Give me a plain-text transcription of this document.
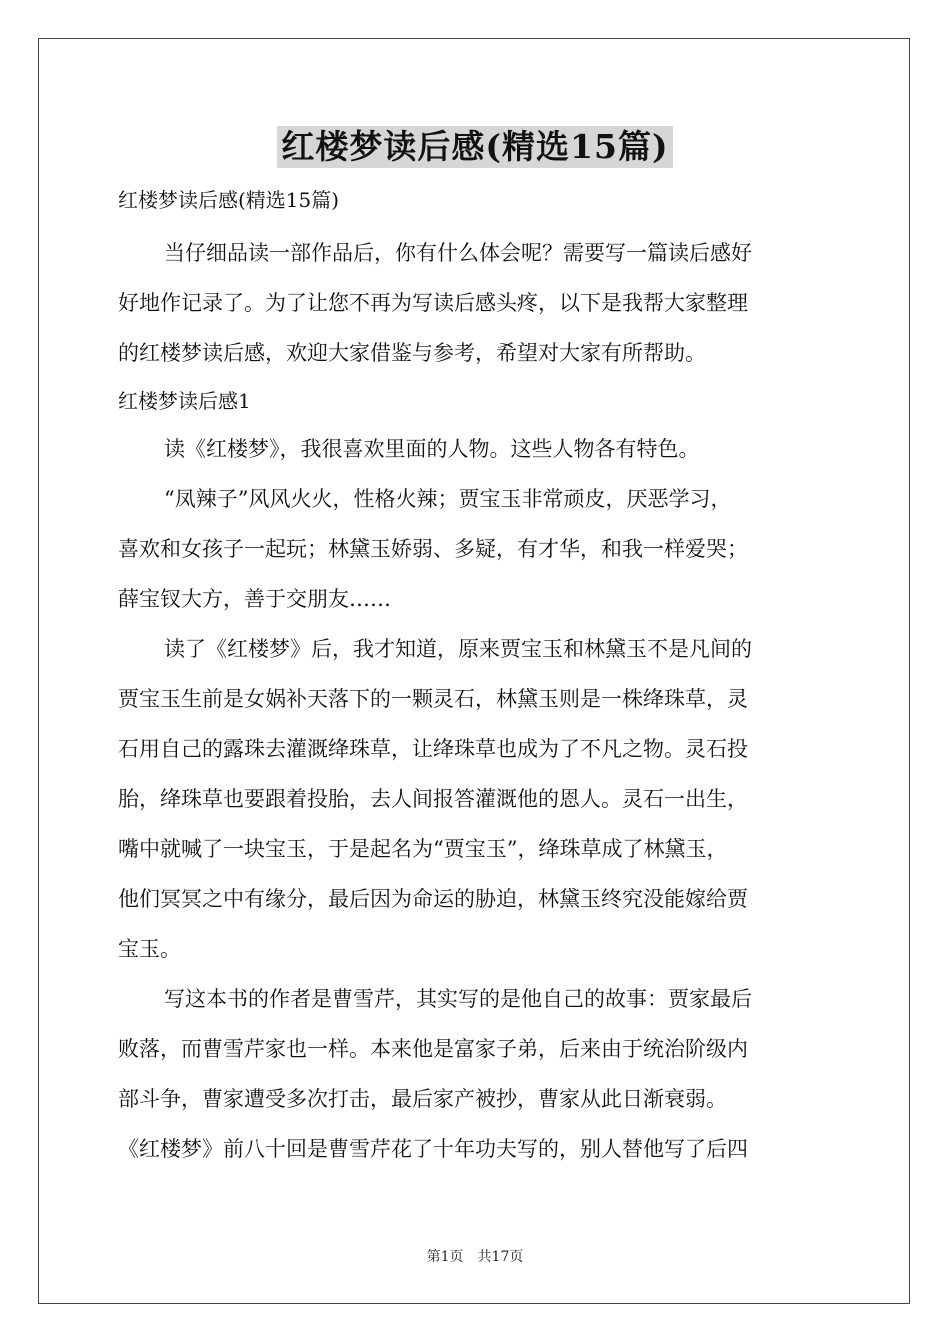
红楼梦读后感(精选15篇)
红楼梦读后感(精选15篇)
当仔细品读一部作品后，你有什么体会呢？需要写一篇读后感好
好地作记录了。为了让您不再为写读后感头疼，以下是我帮大家整理
的红楼梦读后感，欢迎大家借鉴与参考，希望对大家有所帮助。
红楼梦读后感1
读《红楼梦》，我很喜欢里面的人物。这些人物各有特色。
“凤辣子”风风火火，性格火辣；贾宝玉非常顽皮，厌恶学习，
喜欢和女孩子一起玩；林黛玉娇弱、多疑，有才华，和我一样爱哭；
薛宝钗大方，善于交朋友……
读了《红楼梦》后，我才知道，原来贾宝玉和林黛玉不是凡间的
贾宝玉生前是女娲补天落下的一颗灵石，林黛玉则是一株绛珠草，灵
石用自己的露珠去灌溉绛珠草，让绛珠草也成为了不凡之物。灵石投
胎，绛珠草也要跟着投胎，去人间报答灌溉他的恩人。灵石一出生，
嘴中就喊了一块宝玉，于是起名为“贾宝玉”，绛珠草成了林黛玉，
他们冥冥之中有缘分，最后因为命运的胁迫，林黛玉终究没能嫁给贾
宝玉。
写这本书的作者是曹雪芹，其实写的是他自己的故事：贾家最后
败落，而曹雪芹家也一样。本来他是富家子弟，后来由于统治阶级内
部斗争，曹家遭受多次打击，最后家产被抄，曹家从此日渐衰弱。
《红楼梦》前八十回是曹雪芹花了十年功夫写的，别人替他写了后四
第1页　共17页
